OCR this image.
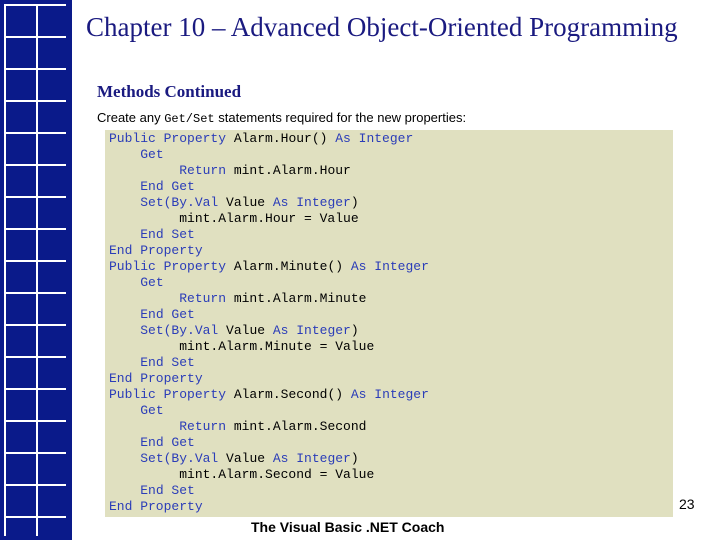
Chapter 10 – Advanced Object-Oriented Programming
Methods Continued
Create any Get/Set statements required for the new properties:
Public Property Alarm.Hour() As Integer
Get
Return mint.Alarm.Hour
End Get
Set(By.Val Value As Integer)
mint.Alarm.Hour = Value
End Set
End Property
Public Property Alarm.Minute() As Integer
Get
Return mint.Alarm.Minute
End Get
Set(By.Val Value As Integer)
mint.Alarm.Minute = Value
End Set
End Property
Public Property Alarm.Second() As Integer
Get
Return mint.Alarm.Second
End Get
Set(By.Val Value As Integer)
mint.Alarm.Second = Value
End Set
End Property	23
The Visual Basic .NET Coach
